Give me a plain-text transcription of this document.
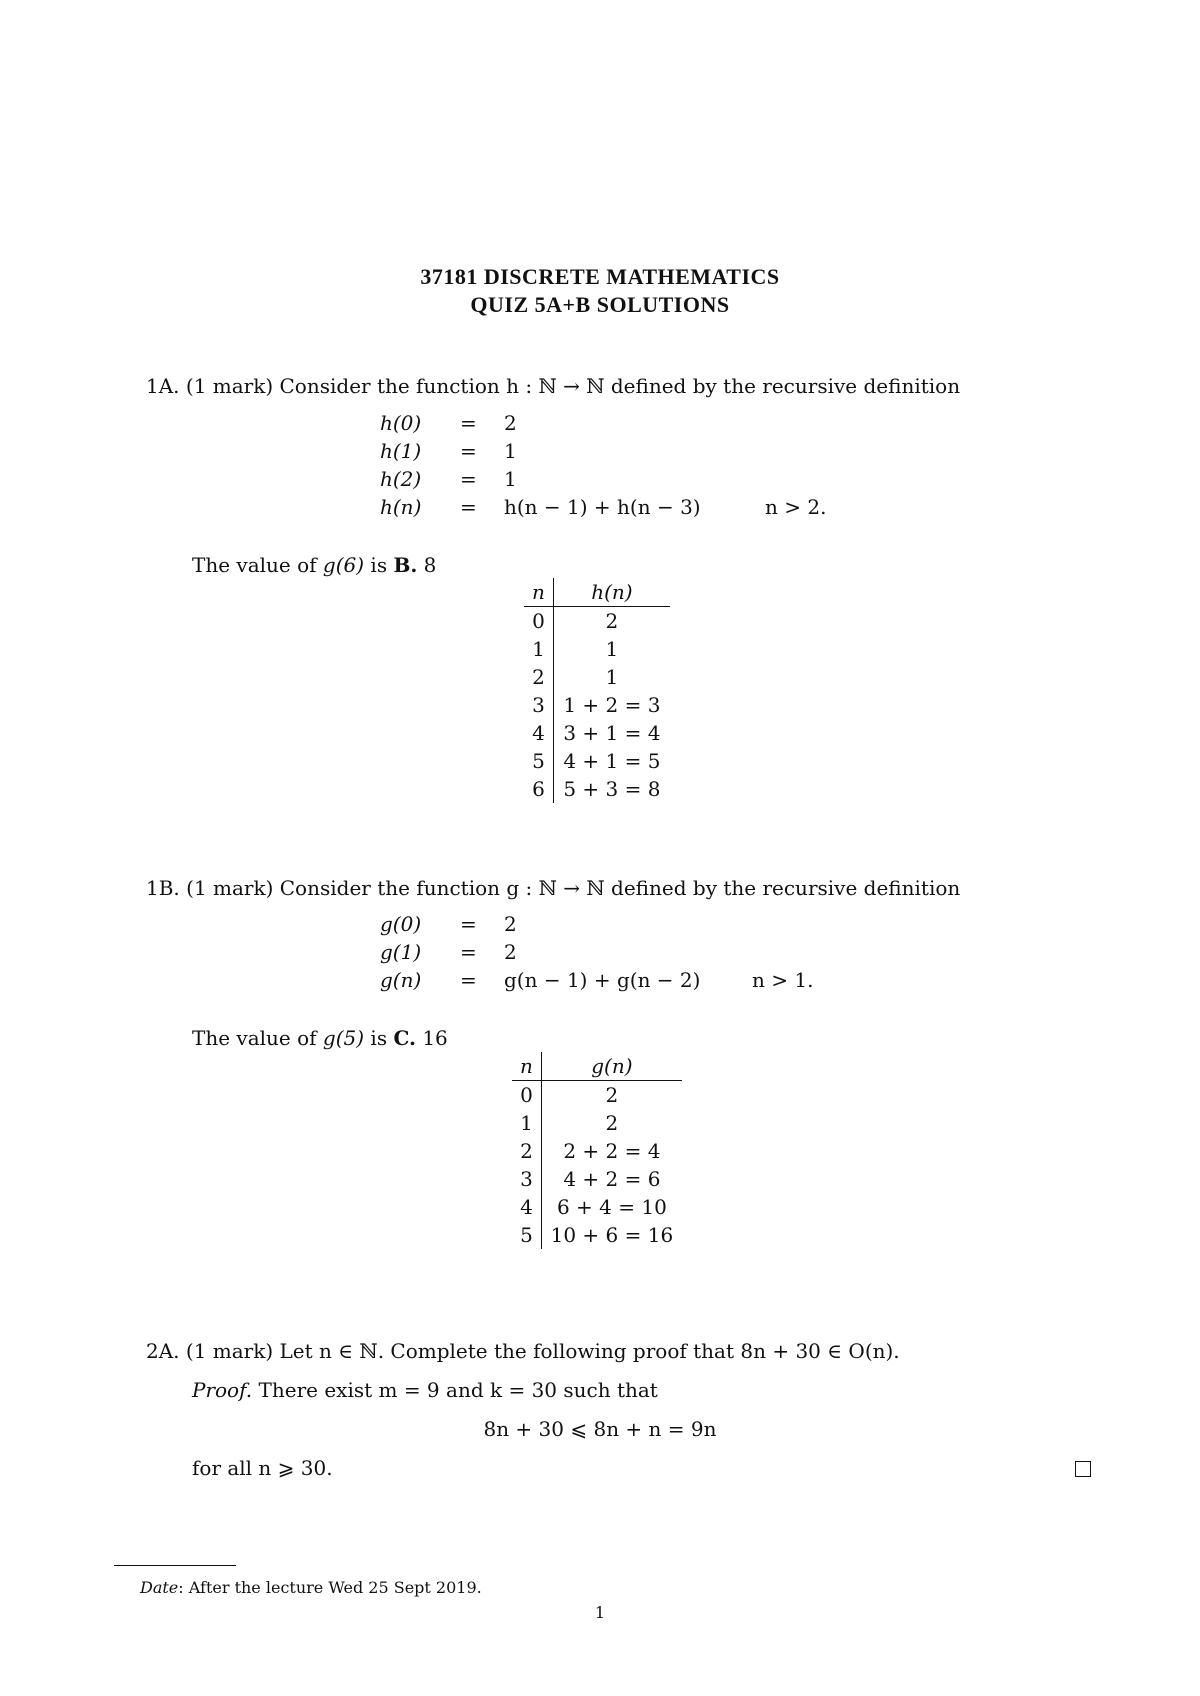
37181 DISCRETE MATHEMATICS
QUIZ 5A+B SOLUTIONS
1A. (1 mark) Consider the function h : ℕ → ℕ defined by the recursive definition
h(0) = 2
h(1) = 1
h(2) = 1
h(n) = h(n − 1) + h(n − 3)	n > 2.
The value of g(6) is B. 8
n	h(n)
0	2
1	1
2	1
3	1 + 2 = 3
4	3 + 1 = 4
5	4 + 1 = 5
6	5 + 3 = 8
1B. (1 mark) Consider the function g : ℕ → ℕ defined by the recursive definition
g(0) = 2
g(1) = 2
g(n) = g(n − 1) + g(n − 2)	n > 1.
The value of g(5) is C. 16
n	g(n)
0	2
1	2
2	2 + 2 = 4
3	4 + 2 = 6
4	6 + 4 = 10
5	10 + 6 = 16
2A. (1 mark) Let n ∈ ℕ. Complete the following proof that 8n + 30 ∈ O(n).
Proof. There exist m = 9 and k = 30 such that
8n + 30 ⩽ 8n + n = 9n
for all n ⩾ 30.
Date: After the lecture Wed 25 Sept 2019.
1
